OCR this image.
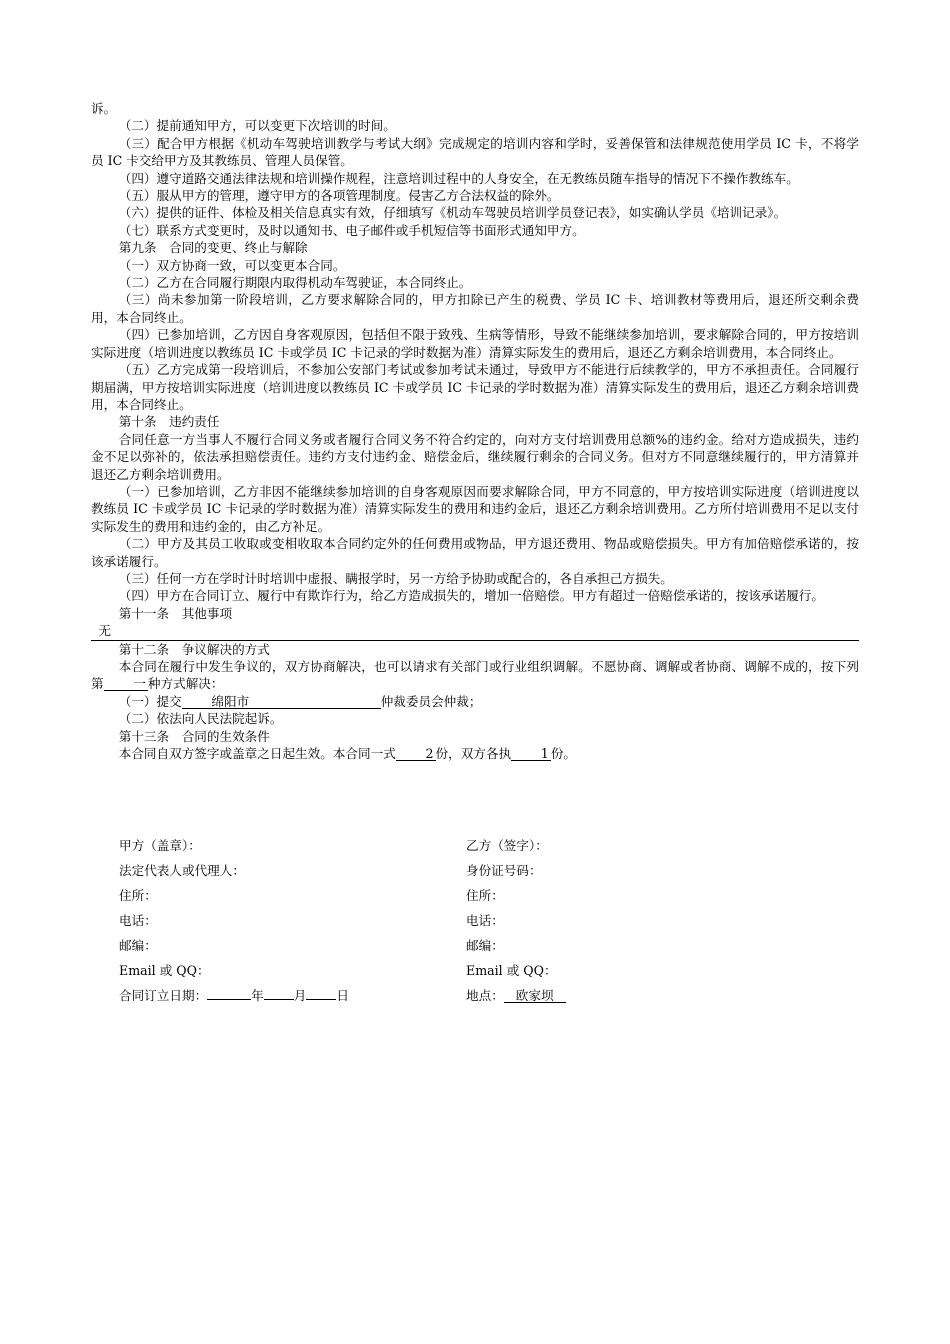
诉。

（二）提前通知甲方，可以变更下次培训的时间。

（三）配合甲方根据《机动车驾驶培训教学与考试大纲》完成规定的培训内容和学时，妥善保管和法律规范使用学员 IC 卡，不将学员 IC 卡交给甲方及其教练员、管理人员保管。

（四）遵守道路交通法律法规和培训操作规程，注意培训过程中的人身安全，在无教练员随车指导的情况下不操作教练车。

（五）服从甲方的管理，遵守甲方的各项管理制度。侵害乙方合法权益的除外。

（六）提供的证件、体检及相关信息真实有效，仔细填写《机动车驾驶员培训学员登记表》，如实确认学员《培训记录》。

（七）联系方式变更时，及时以通知书、电子邮件或手机短信等书面形式通知甲方。

第九条　合同的变更、终止与解除

（一）双方协商一致，可以变更本合同。

（二）乙方在合同履行期限内取得机动车驾驶证，本合同终止。

（三）尚未参加第一阶段培训，乙方要求解除合同的，甲方扣除已产生的税费、学员 IC 卡、培训教材等费用后，退还所交剩余费用，本合同终止。

（四）已参加培训，乙方因自身客观原因，包括但不限于致残、生病等情形，导致不能继续参加培训，要求解除合同的，甲方按培训实际进度（培训进度以教练员 IC 卡或学员 IC 卡记录的学时数据为准）清算实际发生的费用后，退还乙方剩余培训费用，本合同终止。

（五）乙方完成第一段培训后，不参加公安部门考试或参加考试未通过，导致甲方不能进行后续教学的，甲方不承担责任。合同履行期届满，甲方按培训实际进度（培训进度以教练员 IC 卡或学员 IC 卡记录的学时数据为准）清算实际发生的费用后，退还乙方剩余培训费用，本合同终止。

第十条　违约责任

合同任意一方当事人不履行合同义务或者履行合同义务不符合约定的，向对方支付培训费用总额%的违约金。给对方造成损失，违约金不足以弥补的，依法承担赔偿责任。违约方支付违约金、赔偿金后，继续履行剩余的合同义务。但对方不同意继续履行的，甲方清算并退还乙方剩余培训费用。

（一）已参加培训，乙方非因不能继续参加培训的自身客观原因而要求解除合同，甲方不同意的，甲方按培训实际进度（培训进度以教练员 IC 卡或学员 IC 卡记录的学时数据为准）清算实际发生的费用和违约金后，退还乙方剩余培训费用。乙方所付培训费用不足以支付实际发生的费用和违约金的，由乙方补足。

（二）甲方及其员工收取或变相收取本合同约定外的任何费用或物品，甲方退还费用、物品或赔偿损失。甲方有加倍赔偿承诺的，按该承诺履行。

（三）任何一方在学时计时培训中虚报、瞒报学时，另一方给予协助或配合的，各自承担己方损失。

（四）甲方在合同订立、履行中有欺诈行为，给乙方造成损失的，增加一倍赔偿。甲方有超过一倍赔偿承诺的，按该承诺履行。

第十一条　其他事项

无

第十二条　争议解决的方式

本合同在履行中发生争议的，双方协商解决，也可以请求有关部门或行业组织调解。不愿协商、调解或者协商、调解不成的，按下列第 一 种方式解决：

（一）提交 绵阳市	仲裁委员会仲裁；

（二）依法向人民法院起诉。

第十三条　合同的生效条件

本合同自双方签字或盖章之日起生效。本合同一式 2 份，双方各执 1 份。

甲方（盖章）：	乙方（签字）：
法定代表人或代理人：	身份证号码：
住所：	住所：
电话：	电话：
邮编：	邮编：
Email 或 QQ：	Email 或 QQ：
合同订立日期：	年 月 日	地点： 欧家坝
